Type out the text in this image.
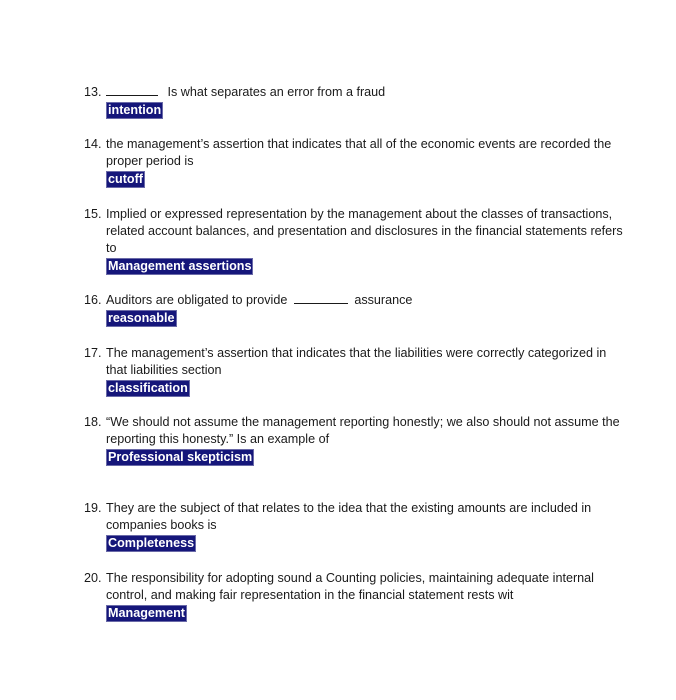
13.	Is what separates an error from a fraud
intention
14. the management’s assertion that indicates that all of the economic events are recorded the proper period is
cutoff
15. Implied or expressed representation by the management about the classes of transactions, related account balances, and presentation and disclosures in the financial statements refers to
Management assertions
16. Auditors are obligated to provide	assurance
reasonable
17. The management’s assertion that indicates that the liabilities were correctly categorized in that liabilities section
classification
18. “We should not assume the management reporting honestly; we also should not assume the reporting this honesty.” Is an example of
Professional skepticism
19. They are the subject of that relates to the idea that the existing amounts are included in companies books is
Completeness
20. The responsibility for adopting sound a Counting policies, maintaining adequate internal control, and making fair representation in the financial statement rests wit
Management
